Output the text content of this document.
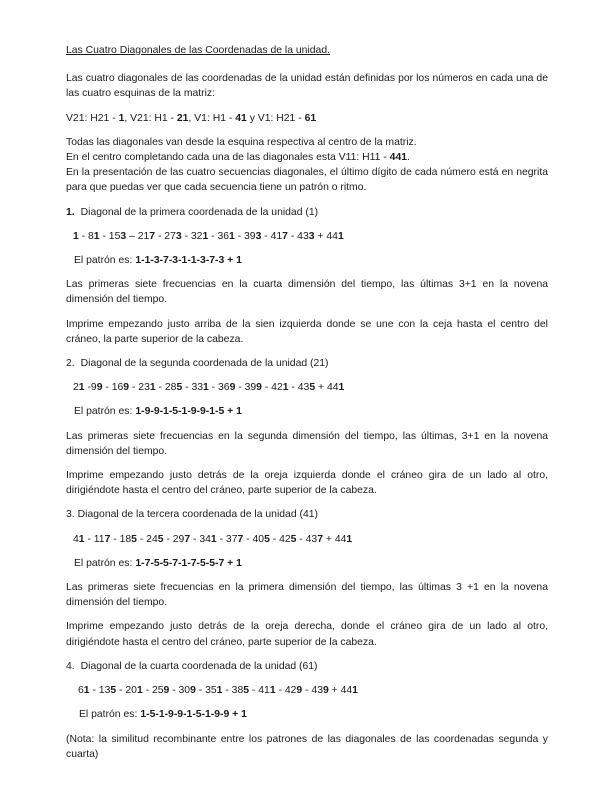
Las Cuatro Diagonales de las Coordenadas de la unidad.

Las cuatro diagonales de las coordenadas de la unidad están definidas por los números en cada una de las cuatro esquinas de la matriz:

V21: H21 - 1, V21: H1 - 21, V1: H1 - 41 y V1: H21 - 61

Todas las diagonales van desde la esquina respectiva al centro de la matriz.
En el centro completando cada una de las diagonales esta V11: H11 - 441.
En la presentación de las cuatro secuencias diagonales, el último dígito de cada número está en negrita para que puedas ver que cada secuencia tiene un patrón o ritmo.

1. Diagonal de la primera coordenada de la unidad (1)

1 - 81 - 153 – 217 - 273 - 321 - 361 - 393 - 417 - 433 + 441

El patrón es: 1-1-3-7-3-1-1-3-7-3 + 1

Las primeras siete frecuencias en la cuarta dimensión del tiempo, las últimas 3+1 en la novena dimensión del tiempo.

Imprime empezando justo arriba de la sien izquierda donde se une con la ceja hasta el centro del cráneo, la parte superior de la cabeza.

2. Diagonal de la segunda coordenada de la unidad (21)

21 -99 - 169 - 231 - 285 - 331 - 369 - 399 - 421 - 435 + 441

El patrón es: 1-9-9-1-5-1-9-9-1-5 + 1

Las primeras siete frecuencias en la segunda dimensión del tiempo, las últimas, 3+1 en la novena dimensión del tiempo.

Imprime empezando justo detrás de la oreja izquierda donde el cráneo gira de un lado al otro, dirigiéndote hasta el centro del cráneo, parte superior de la cabeza.

3. Diagonal de la tercera coordenada de la unidad (41)

41 - 117 - 185 - 245 - 297 - 341 - 377 - 405 - 425 - 437 + 441

El patrón es: 1-7-5-5-7-1-7-5-5-7 + 1

Las primeras siete frecuencias en la primera dimensión del tiempo, las últimas 3 +1 en la novena dimensión del tiempo.

Imprime empezando justo detrás de la oreja derecha, donde el cráneo gira de un lado al otro, dirigiéndote hasta el centro del cráneo, parte superior de la cabeza.

4. Diagonal de la cuarta coordenada de la unidad (61)

61 - 135 - 201 - 259 - 309 - 351 - 385 - 411 - 429 - 439 + 441

El patrón es: 1-5-1-9-9-1-5-1-9-9 + 1

(Nota: la similitud recombinante entre los patrones de las diagonales de las coordenadas segunda y cuarta)
